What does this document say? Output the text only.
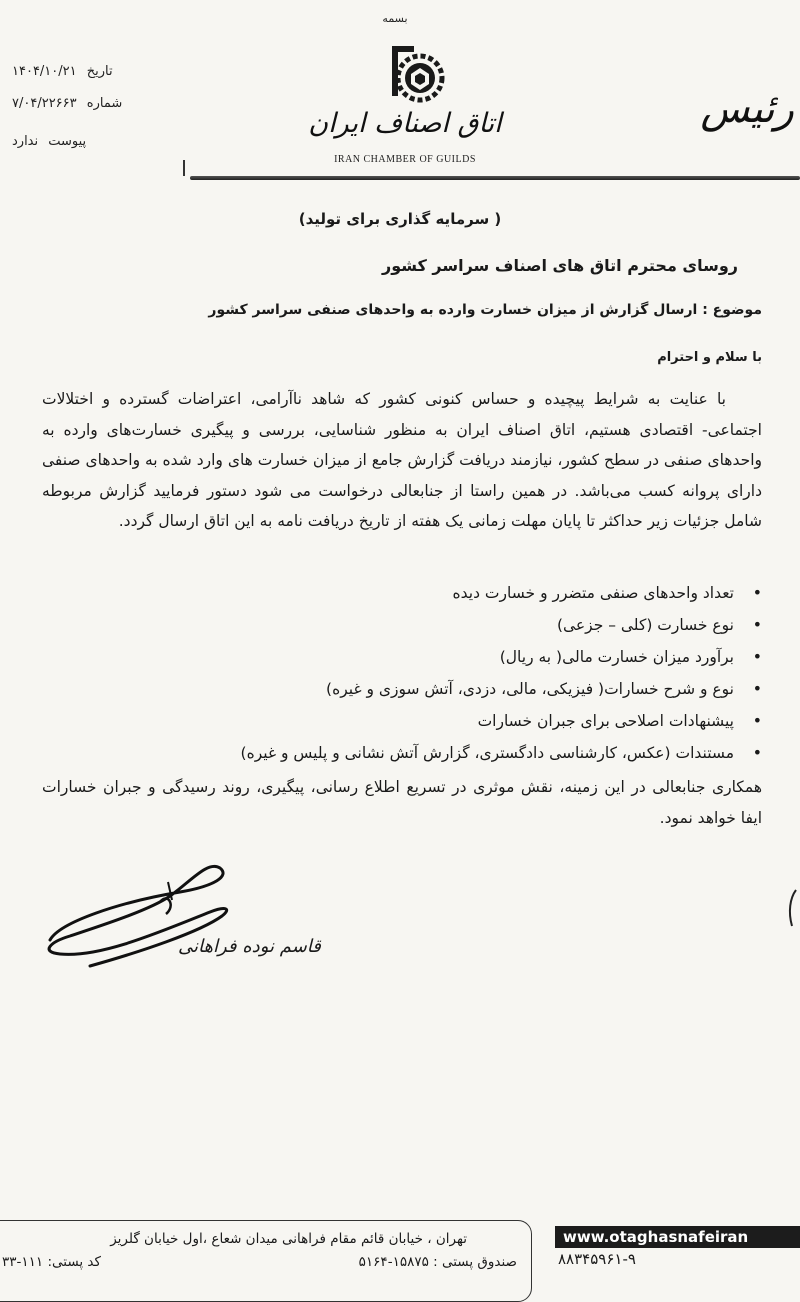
تاریخ ۱۴۰۴/۱۰/۲۱
شماره ۷/۰۴/۲۲۶۶۳
پیوست ندارد
بسمه
اتاق اصناف ایران
IRAN CHAMBER OF GUILDS
رئیس
( سرمایه گذاری برای تولید)
روسای محترم اتاق های اصناف سراسر کشور
موضوع : ارسال گزارش از میزان خسارت وارده به واحدهای صنفی سراسر کشور
با سلام و احترام
با عنایت به شرایط پیچیده و حساس کنونی کشور که شاهد ناآرامی، اعتراضات گسترده و اختلالات اجتماعی- اقتصادی هستیم، اتاق اصناف ایران به منظور شناسایی، بررسی و پیگیری خسارت‌های وارده به واحدهای صنفی در سطح کشور، نیازمند دریافت گزارش جامع از میزان خسارت های وارد شده به واحدهای صنفی دارای پروانه کسب می‌باشد. در همین راستا از جنابعالی درخواست می شود دستور فرمایید گزارش مربوطه شامل جزئیات زیر حداکثر تا پایان مهلت زمانی یک هفته از تاریخ دریافت نامه به این اتاق ارسال گردد.
• تعداد واحدهای صنفی متضرر و خسارت دیده
• نوع خسارت (کلی – جزعی)
• برآورد میزان خسارت مالی( به ریال)
• نوع و شرح خسارات( فیزیکی، مالی، دزدی، آتش سوزی و غیره)
• پیشنهادات اصلاحی برای جبران خسارات
• مستندات (عکس، کارشناسی دادگستری، گزارش آتش نشانی و پلیس و غیره)
همکاری جنابعالی در این زمینه، نقش موثری در تسریع اطلاع رسانی، پیگیری، روند رسیدگی و جبران خسارات ایفا خواهد نمود.
قاسم نوده فراهانی
تهران ، خیابان قائم مقام فراهانی میدان شعاع ،اول خیابان گلریز
صندوق پستی : ۱۵۸۷۵-۵۱۶۴
کد پستی: ۱۱۱-۳۳
www.otaghasnafeiran
۸۸۳۴۵۹۶۱-۹
